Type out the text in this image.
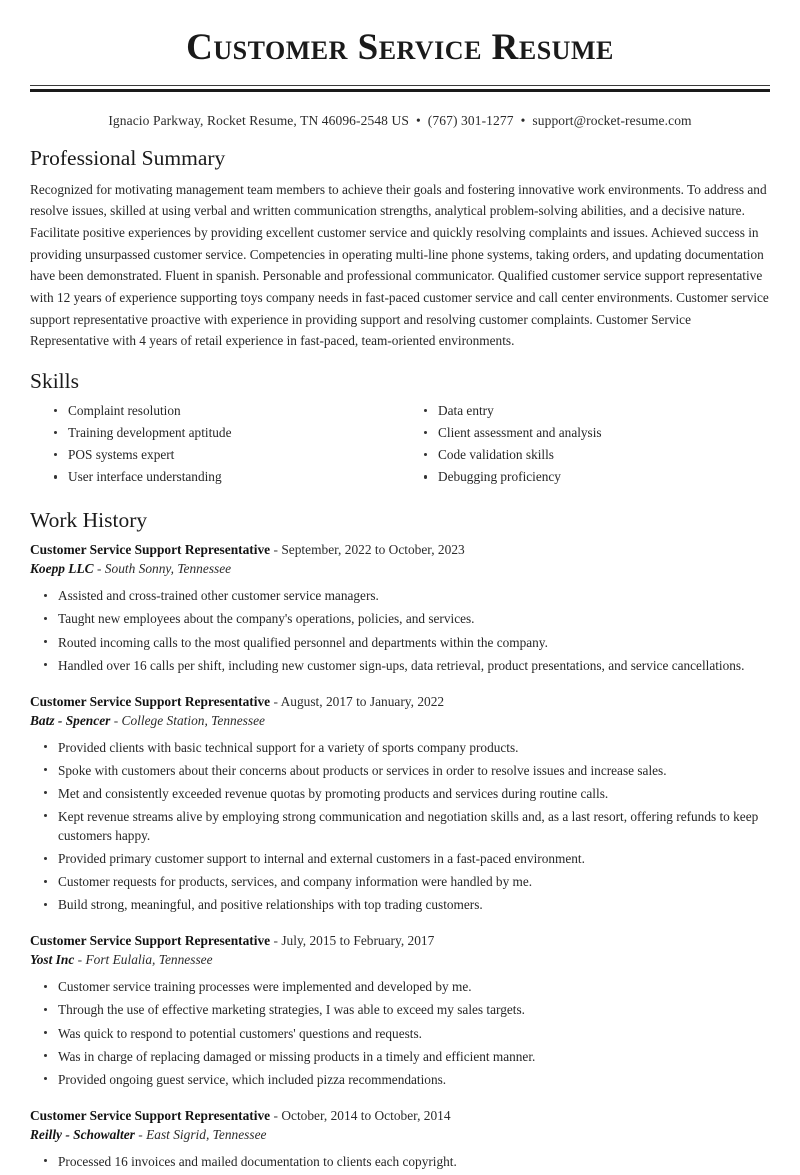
Customer Service Resume
Ignacio Parkway, Rocket Resume, TN 46096-2548 US • (767) 301-1277 • support@rocket-resume.com
Professional Summary

Recognized for motivating management team members to achieve their goals and fostering innovative work environments. To address and resolve issues, skilled at using verbal and written communication strengths, analytical problem-solving abilities, and a decisive nature. Facilitate positive experiences by providing excellent customer service and quickly resolving complaints and issues. Achieved success in providing unsurpassed customer service. Competencies in operating multi-line phone systems, taking orders, and updating documentation have been demonstrated. Fluent in spanish. Personable and professional communicator. Qualified customer service support representative with 12 years of experience supporting toys company needs in fast-paced customer service and call center environments. Customer service support representative proactive with experience in providing support and resolving customer complaints. Customer Service Representative with 4 years of retail experience in fast-paced, team-oriented environments.

Skills
Complaint resolution
Training development aptitude
POS systems expert
User interface understanding
Data entry
Client assessment and analysis
Code validation skills
Debugging proficiency
Work History
Customer Service Support Representative - September, 2022 to October, 2023
Koepp LLC - South Sonny, Tennessee
Assisted and cross-trained other customer service managers.
Taught new employees about the company's operations, policies, and services.
Routed incoming calls to the most qualified personnel and departments within the company.
Handled over 16 calls per shift, including new customer sign-ups, data retrieval, product presentations, and service cancellations.
Customer Service Support Representative - August, 2017 to January, 2022
Batz - Spencer - College Station, Tennessee
Provided clients with basic technical support for a variety of sports company products.
Spoke with customers about their concerns about products or services in order to resolve issues and increase sales.
Met and consistently exceeded revenue quotas by promoting products and services during routine calls.
Kept revenue streams alive by employing strong communication and negotiation skills and, as a last resort, offering refunds to keep customers happy.
Provided primary customer support to internal and external customers in a fast-paced environment.
Customer requests for products, services, and company information were handled by me.
Build strong, meaningful, and positive relationships with top trading customers.
Customer Service Support Representative - July, 2015 to February, 2017
Yost Inc - Fort Eulalia, Tennessee
Customer service training processes were implemented and developed by me.
Through the use of effective marketing strategies, I was able to exceed my sales targets.
Was quick to respond to potential customers' questions and requests.
Was in charge of replacing damaged or missing products in a timely and efficient manner.
Provided ongoing guest service, which included pizza recommendations.
Customer Service Support Representative - October, 2014 to October, 2014
Reilly - Schowalter - East Sigrid, Tennessee
Processed 16 invoices and mailed documentation to clients each copyright.
